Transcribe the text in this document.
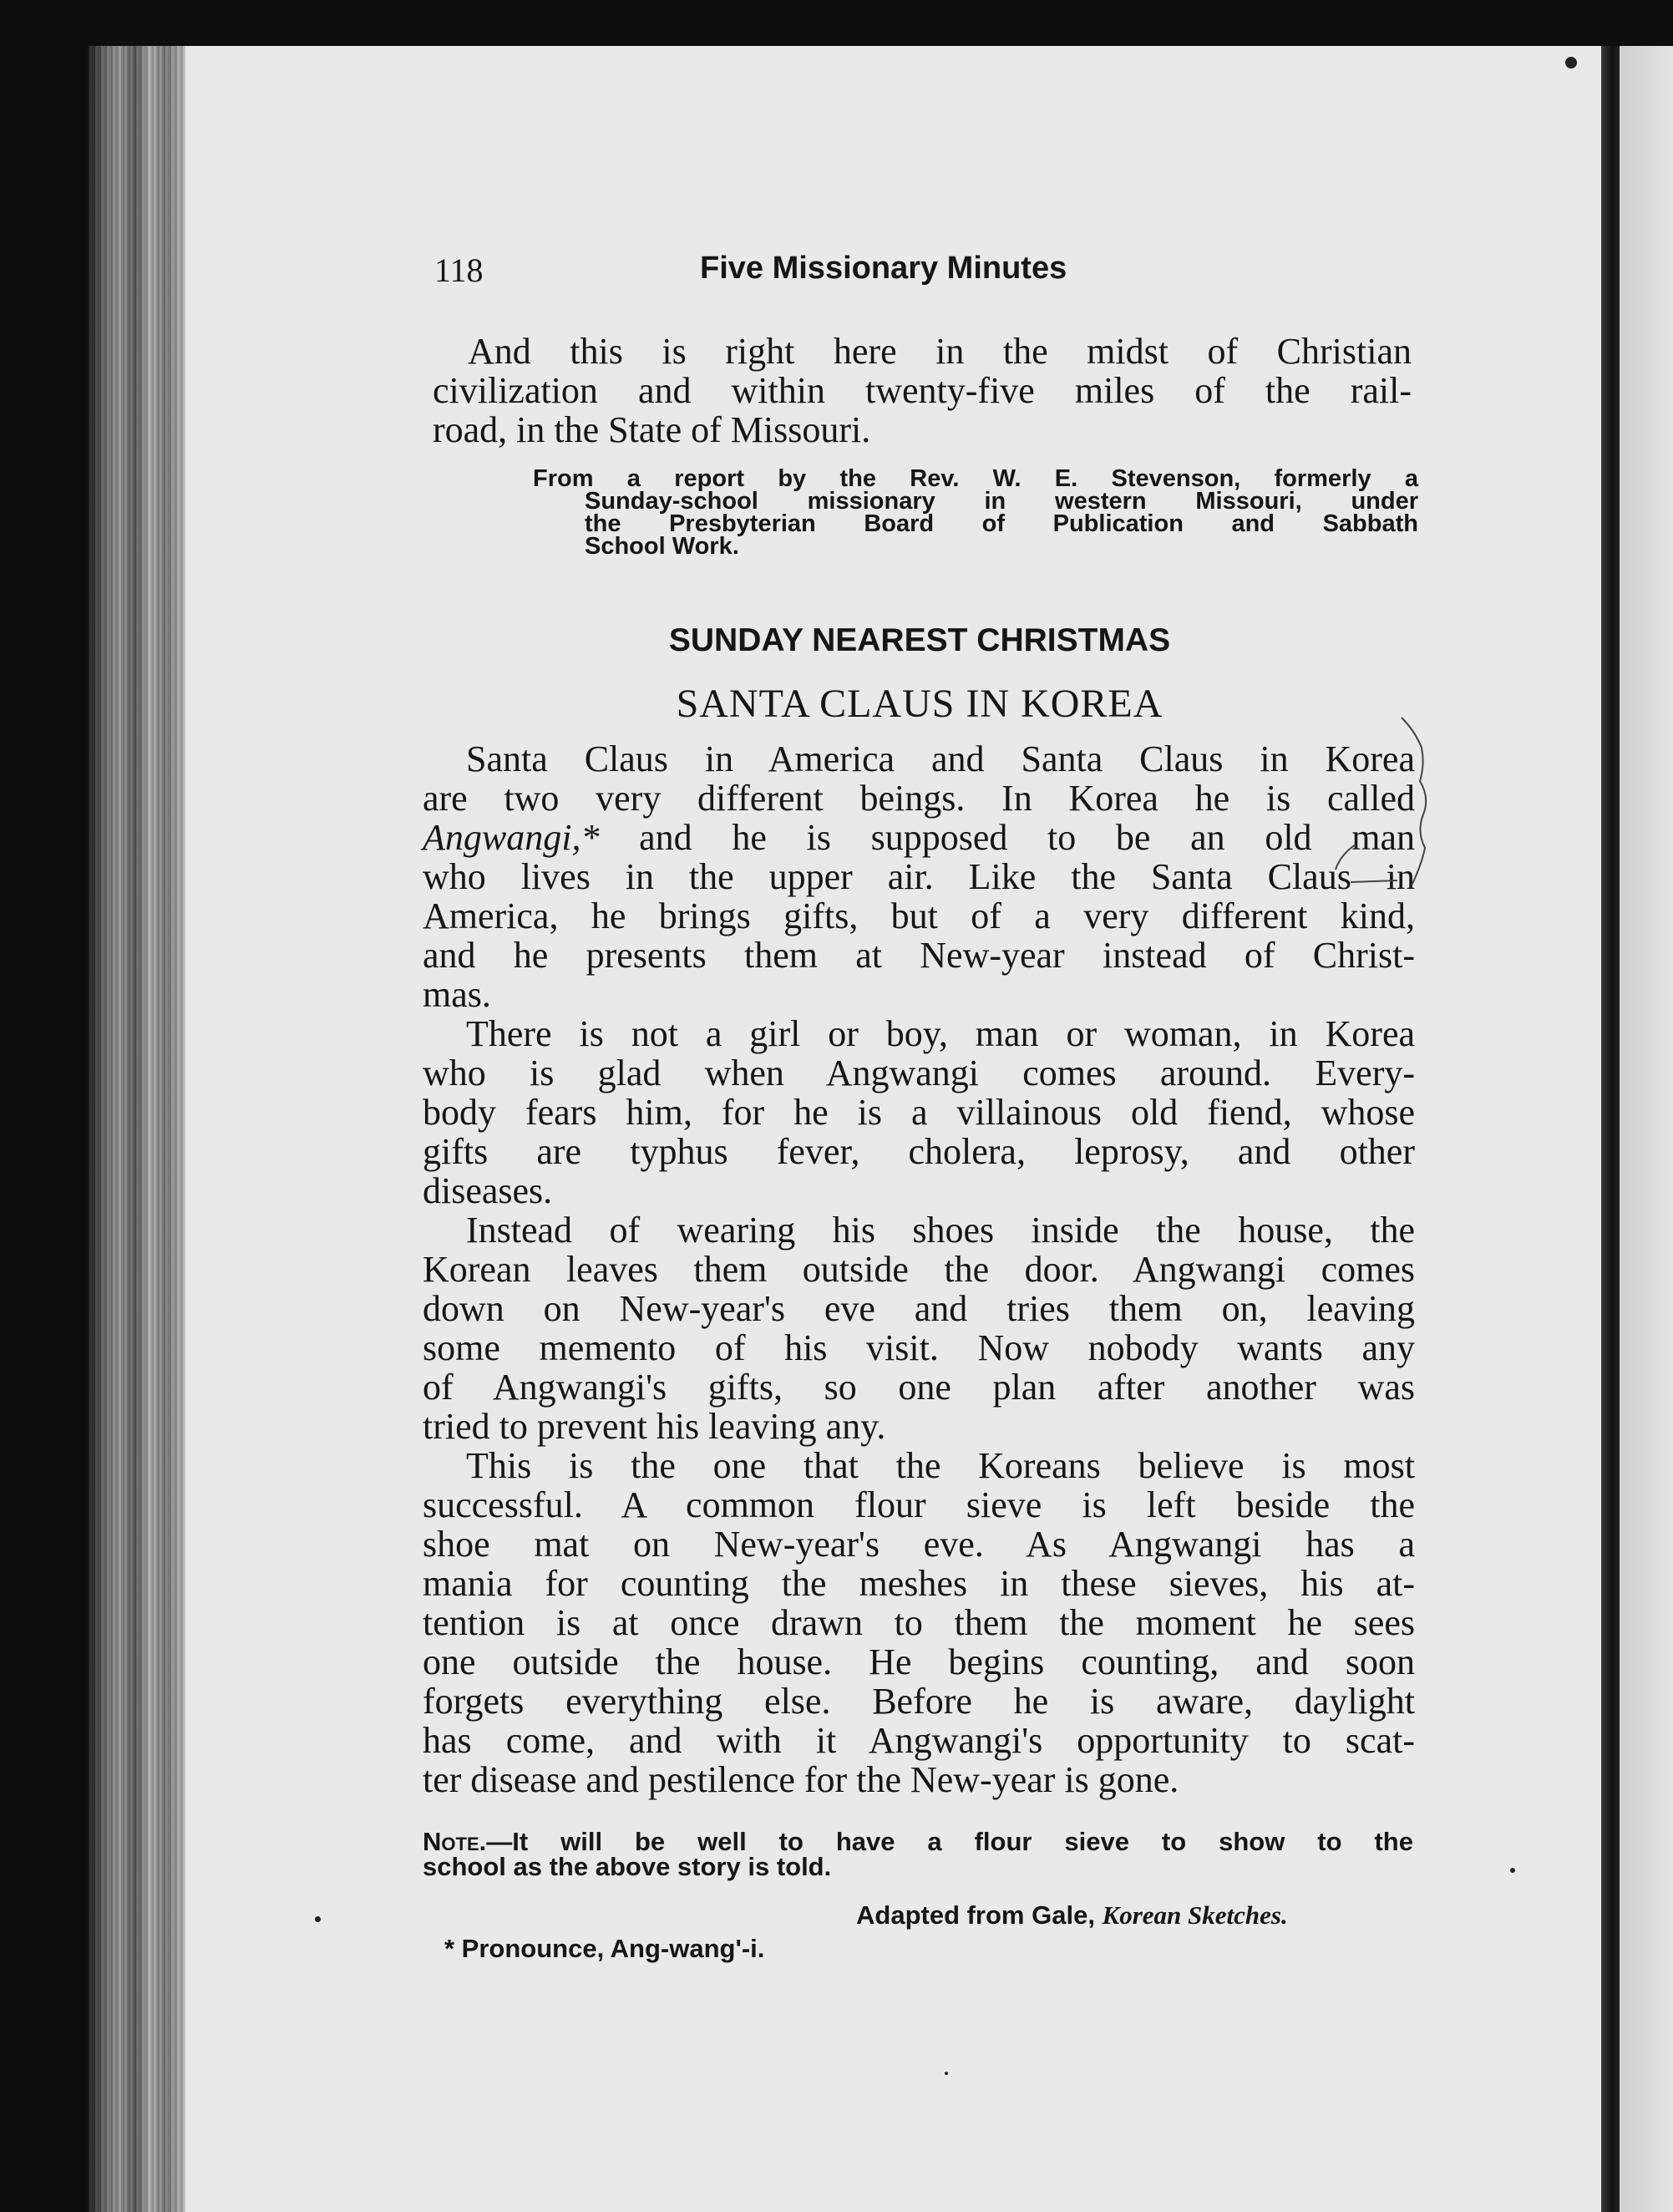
118	Five Missionary Minutes
And this is right here in the midst of Christian
civilization and within twenty-five miles of the rail-
road, in the State of Missouri.
From a report by the Rev. W. E. Stevenson, formerly a
Sunday-school missionary in western Missouri, under
the Presbyterian Board of Publication and Sabbath
School Work.
SUNDAY NEAREST CHRISTMAS
SANTA CLAUS IN KOREA
Santa Claus in America and Santa Claus in Korea
are two very different beings. In Korea he is called
Angwangi,* and he is supposed to be an old man
who lives in the upper air. Like the Santa Claus in
America, he brings gifts, but of a very different kind,
and he presents them at New-year instead of Christ-
mas.
There is not a girl or boy, man or woman, in Korea
who is glad when Angwangi comes around. Every-
body fears him, for he is a villainous old fiend, whose
gifts are typhus fever, cholera, leprosy, and other
diseases.
Instead of wearing his shoes inside the house, the
Korean leaves them outside the door. Angwangi comes
down on New-year's eve and tries them on, leaving
some memento of his visit. Now nobody wants any
of Angwangi's gifts, so one plan after another was
tried to prevent his leaving any.
This is the one that the Koreans believe is most
successful. A common flour sieve is left beside the
shoe mat on New-year's eve. As Angwangi has a
mania for counting the meshes in these sieves, his at-
tention is at once drawn to them the moment he sees
one outside the house. He begins counting, and soon
forgets everything else. Before he is aware, daylight
has come, and with it Angwangi's opportunity to scat-
ter disease and pestilence for the New-year is gone.
Note.—It will be well to have a flour sieve to show to the
school as the above story is told.
Adapted from Gale, Korean Sketches.
* Pronounce, Ang-wang'-i.
